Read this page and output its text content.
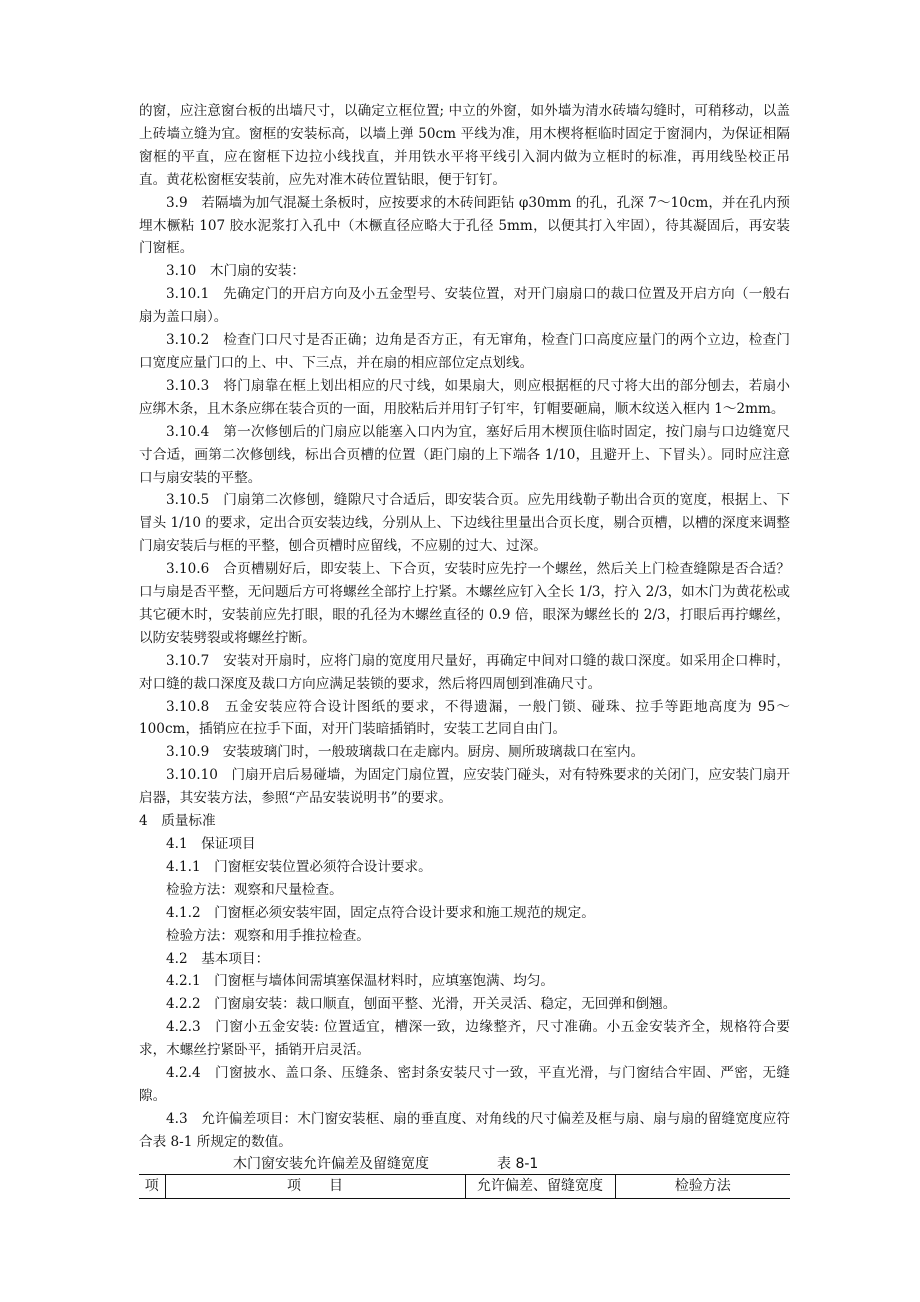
的窗，应注意窗台板的出墙尺寸，以确定立框位置; 中立的外窗，如外墙为清水砖墙勾缝时，可稍移动，以盖上砖墙立缝为宜。窗框的安装标高，以墙上弹 50cm 平线为准，用木楔将框临时固定于窗洞内，为保证相隔窗框的平直，应在窗框下边拉小线找直，并用铁水平将平线引入洞内做为立框时的标准，再用线坠校正吊直。黄花松窗框安装前，应先对准木砖位置钻眼，便于钉钉。

3.9　若隔墙为加气混凝土条板时，应按要求的木砖间距钻 φ30mm 的孔，孔深 7～10cm，并在孔内预埋木橛粘 107 胶水泥浆打入孔中（木橛直径应略大于孔径 5mm，以便其打入牢固），待其凝固后，再安装门窗框。

3.10　木门扇的安装：

3.10.1　先确定门的开启方向及小五金型号、安装位置，对开门扇扇口的裁口位置及开启方向（一般右扇为盖口扇）。

3.10.2　检查门口尺寸是否正确；边角是否方正，有无窜角，检查门口高度应量门的两个立边，检查门口宽度应量门口的上、中、下三点，并在扇的相应部位定点划线。

3.10.3　将门扇靠在框上划出相应的尺寸线，如果扇大，则应根据框的尺寸将大出的部分刨去，若扇小应绑木条，且木条应绑在装合页的一面，用胶粘后并用钉子钉牢，钉帽要砸扁，顺木纹送入框内 1～2mm。

3.10.4　第一次修刨后的门扇应以能塞入口内为宜，塞好后用木楔顶住临时固定，按门扇与口边缝宽尺寸合适，画第二次修刨线，标出合页槽的位置（距门扇的上下端各 1/10，且避开上、下冒头）。同时应注意口与扇安装的平整。

3.10.5　门扇第二次修刨，缝隙尺寸合适后，即安装合页。应先用线勒子勒出合页的宽度，根据上、下冒头 1/10 的要求，定出合页安装边线，分别从上、下边线往里量出合页长度，剔合页槽，以槽的深度来调整门扇安装后与框的平整，刨合页槽时应留线，不应剔的过大、过深。

3.10.6　合页槽剔好后，即安装上、下合页，安装时应先拧一个螺丝，然后关上门检查缝隙是否合适？口与扇是否平整，无问题后方可将螺丝全部拧上拧紧。木螺丝应钉入全长 1/3，拧入 2/3，如木门为黄花松或其它硬木时，安装前应先打眼，眼的孔径为木螺丝直径的 0.9 倍，眼深为螺丝长的 2/3，打眼后再拧螺丝，以防安装劈裂或将螺丝拧断。

3.10.7　安装对开扇时，应将门扇的宽度用尺量好，再确定中间对口缝的裁口深度。如采用企口榫时，对口缝的裁口深度及裁口方向应满足装锁的要求，然后将四周刨到准确尺寸。

3.10.8　五金安装应符合设计图纸的要求，不得遗漏，一般门锁、碰珠、拉手等距地高度为 95～100cm，插销应在拉手下面，对开门装暗插销时，安装工艺同自由门。

3.10.9　安装玻璃门时，一般玻璃裁口在走廊内。厨房、厕所玻璃裁口在室内。

3.10.10　门扇开启后易碰墙，为固定门扇位置，应安装门碰头，对有特殊要求的关闭门，应安装门扇开启器，其安装方法，参照“产品安装说明书”的要求。

4　质量标准

4.1　保证项目

4.1.1　门窗框安装位置必须符合设计要求。

检验方法：观察和尺量检查。

4.1.2　门窗框必须安装牢固，固定点符合设计要求和施工规范的规定。

检验方法：观察和用手推拉检查。

4.2　基本项目：

4.2.1　门窗框与墙体间需填塞保温材料时，应填塞饱满、均匀。

4.2.2　门窗扇安装：裁口顺直，刨面平整、光滑，开关灵活、稳定，无回弹和倒翘。

4.2.3　门窗小五金安装: 位置适宜，槽深一致，边缘整齐，尺寸准确。小五金安装齐全，规格符合要求，木螺丝拧紧卧平，插销开启灵活。

4.2.4　门窗披水、盖口条、压缝条、密封条安装尺寸一致，平直光滑，与门窗结合牢固、严密，无缝隙。

4.3　允许偏差项目：木门窗安装框、扇的垂直度、对角线的尺寸偏差及框与扇、扇与扇的留缝宽度应符合表 8-1 所规定的数值。

木门窗安装允许偏差及留缝宽度	表 8-1
项	项　　目	允许偏差、留缝宽度	检验方法
